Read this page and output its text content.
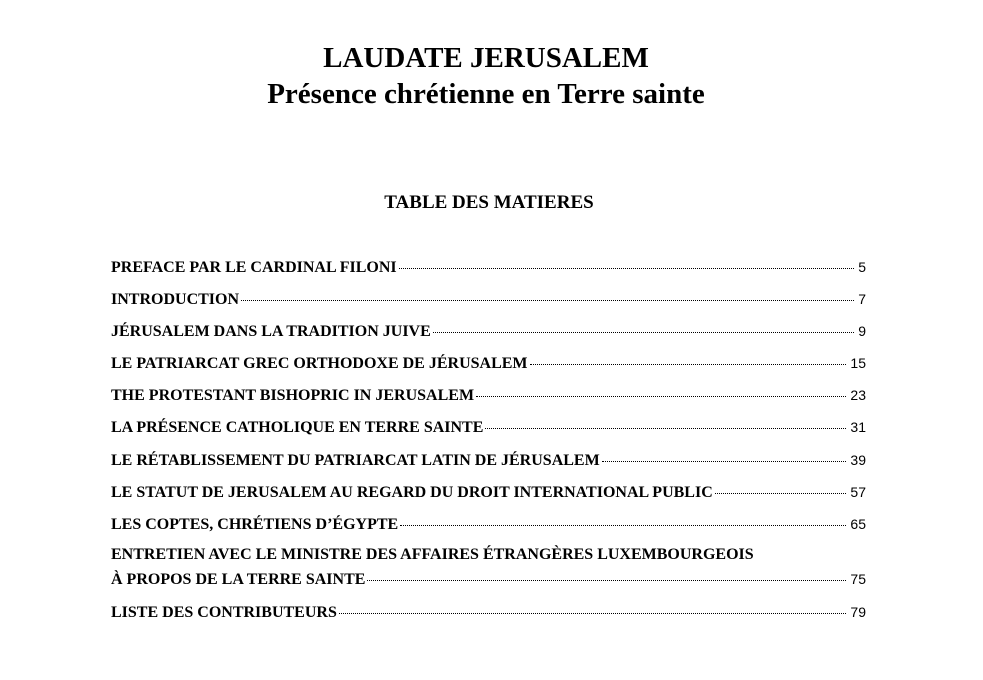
LAUDATE JERUSALEM
Présence chrétienne en Terre sainte
TABLE DES MATIERES
PREFACE PAR LE CARDINAL FILONI	5
INTRODUCTION	7
JÉRUSALEM DANS LA TRADITION JUIVE	9
LE PATRIARCAT GREC ORTHODOXE DE JÉRUSALEM	15
THE PROTESTANT BISHOPRIC IN JERUSALEM	23
LA PRÉSENCE CATHOLIQUE EN TERRE SAINTE	31
LE RÉTABLISSEMENT DU PATRIARCAT LATIN DE JÉRUSALEM	39
LE STATUT DE JERUSALEM AU REGARD DU DROIT INTERNATIONAL PUBLIC	57
LES COPTES, CHRÉTIENS D’ÉGYPTE	65
ENTRETIEN AVEC LE MINISTRE DES AFFAIRES ÉTRANGÈRES LUXEMBOURGEOIS
À PROPOS DE LA TERRE SAINTE	75
LISTE DES CONTRIBUTEURS	79
